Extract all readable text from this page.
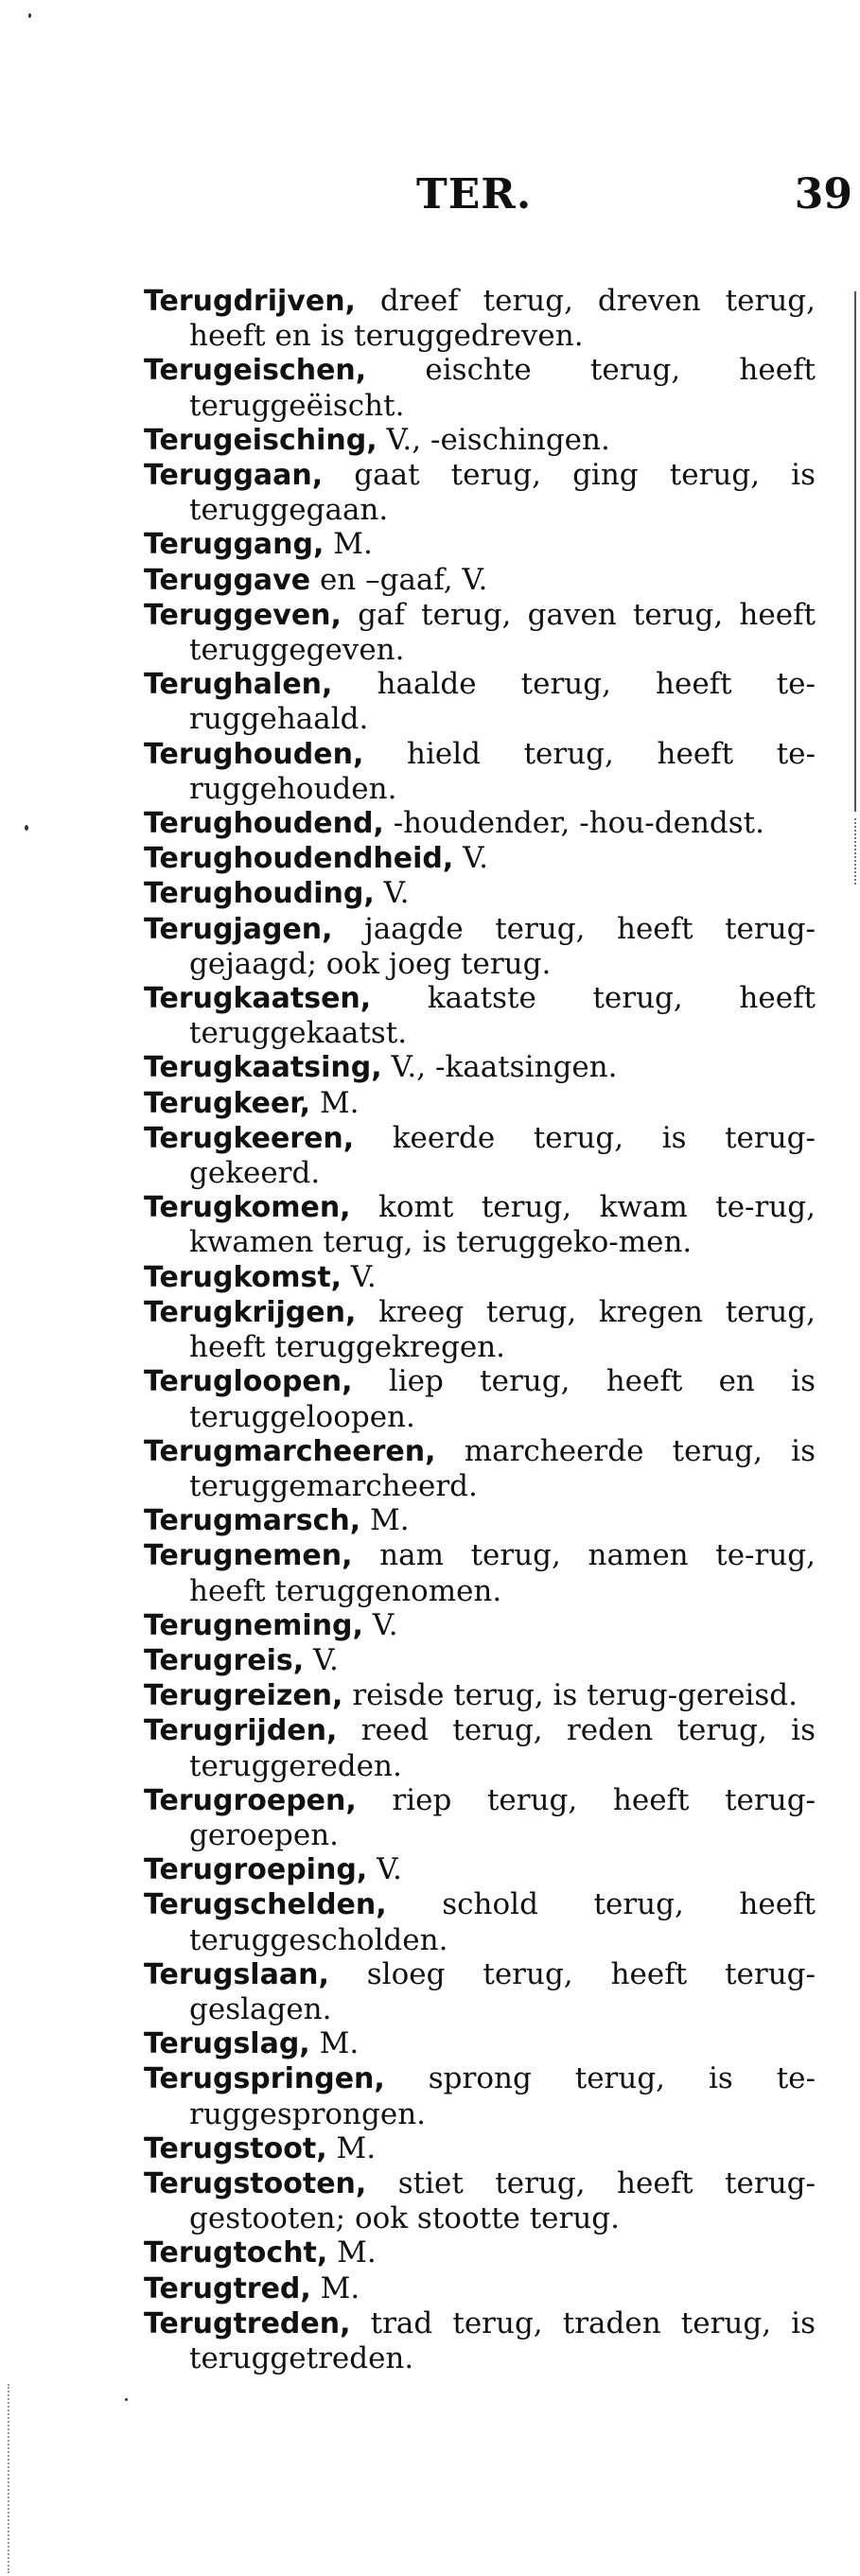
TER.	39
Terugdrijven, dreef terug, dreven terug, heeft en is teruggedreven.
Terugeischen, eischte terug, heeft teruggeëischt.
Terugeisching, V., -eischingen.
Teruggaan, gaat terug, ging terug, is teruggegaan.
Teruggang, M.
Teruggave en –gaaf, V.
Teruggeven, gaf terug, gaven terug, heeft teruggegeven.
Terughalen, haalde terug, heeft te-ruggehaald.
Terughouden, hield terug, heeft te-ruggehouden.
Terughoudend, -houdender, -hou-dendst.
Terughoudendheid, V.
Terughouding, V.
Terugjagen, jaagde terug, heeft terug-gejaagd; ook joeg terug.
Terugkaatsen, kaatste terug, heeft teruggekaatst.
Terugkaatsing, V., -kaatsingen.
Terugkeer, M.
Terugkeeren, keerde terug, is terug-gekeerd.
Terugkomen, komt terug, kwam te-rug, kwamen terug, is teruggeko-men.
Terugkomst, V.
Terugkrijgen, kreeg terug, kregen terug, heeft teruggekregen.
Terugloopen, liep terug, heeft en is teruggeloopen.
Terugmarcheeren, marcheerde terug, is teruggemarcheerd.
Terugmarsch, M.
Terugnemen, nam terug, namen te-rug, heeft teruggenomen.
Terugneming, V.
Terugreis, V.
Terugreizen, reisde terug, is terug-gereisd.
Terugrijden, reed terug, reden terug, is teruggereden.
Terugroepen, riep terug, heeft terug-geroepen.
Terugroeping, V.
Terugschelden, schold terug, heeft teruggescholden.
Terugslaan, sloeg terug, heeft terug-geslagen.
Terugslag, M.
Terugspringen, sprong terug, is te-ruggesprongen.
Terugstoot, M.
Terugstooten, stiet terug, heeft terug-gestooten; ook stootte terug.
Terugtocht, M.
Terugtred, M.
Terugtreden, trad terug, traden terug, is teruggetreden.
